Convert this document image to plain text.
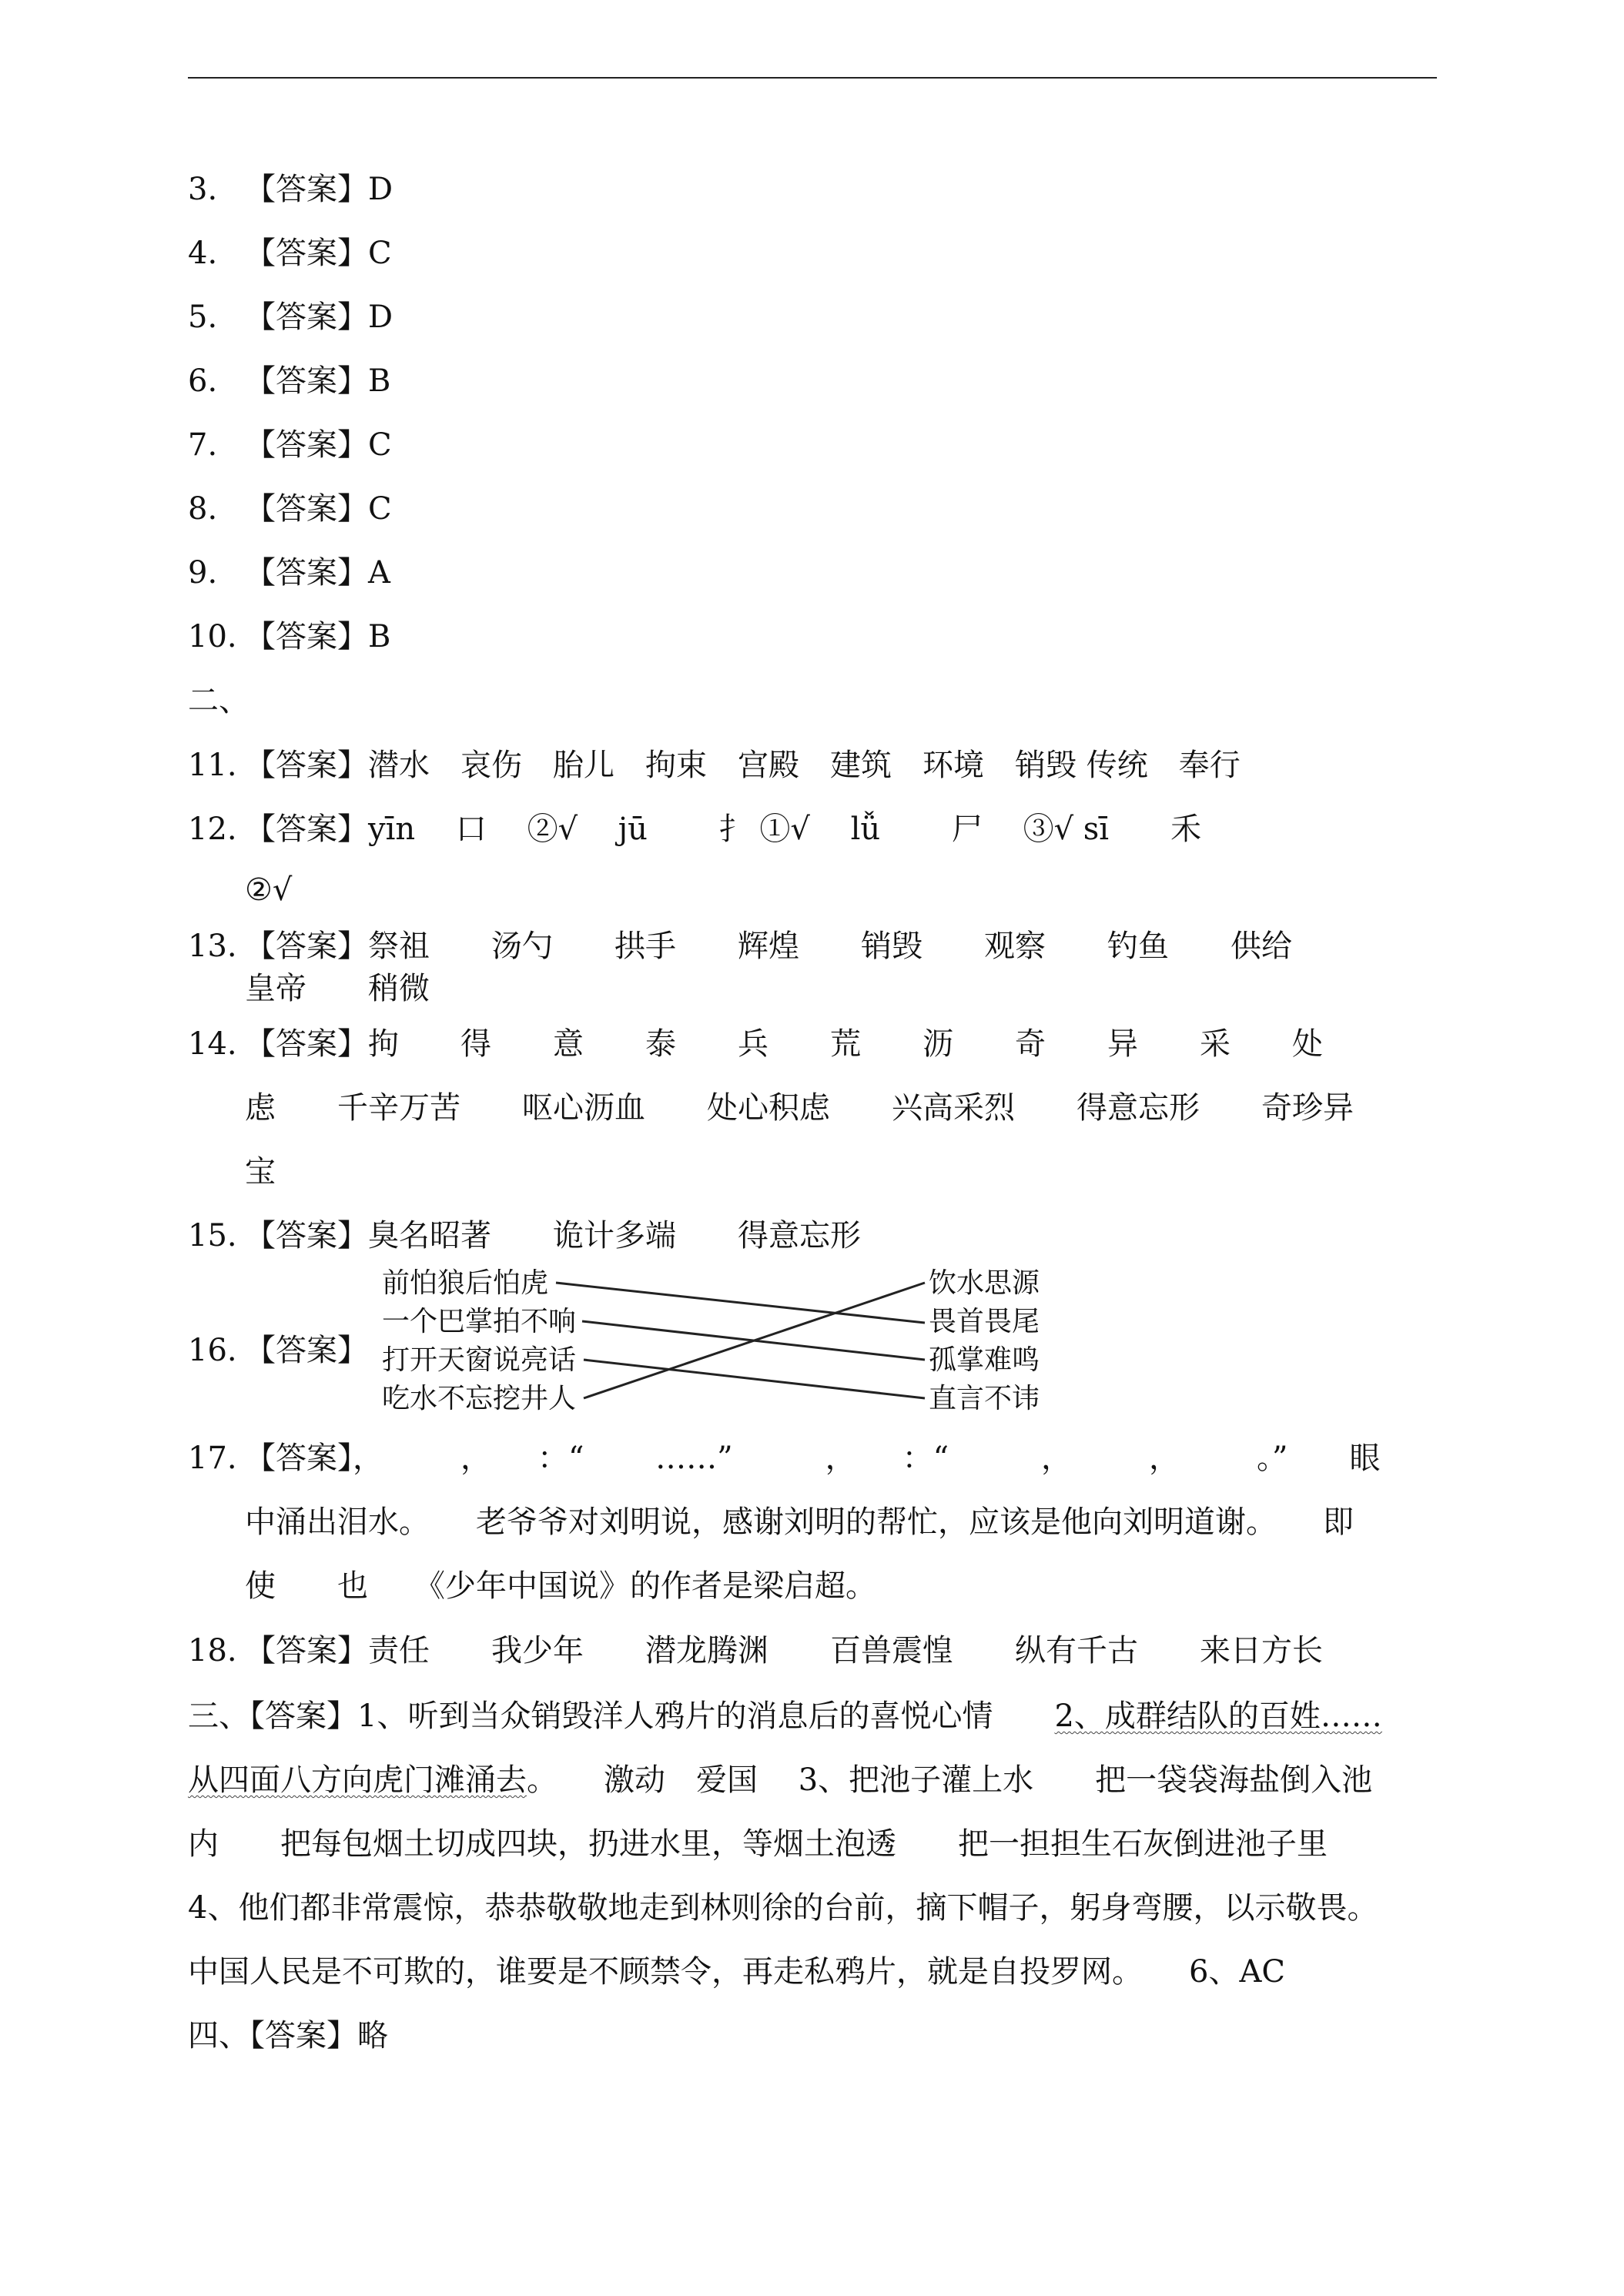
3. 【答案】D
4. 【答案】C
5. 【答案】D
6. 【答案】B
7. 【答案】C
8. 【答案】C
9. 【答案】A
10. 【答案】B
二、
11. 【答案】潜水　哀伤　胎儿　拘束　宫殿　建筑　环境　销毁 传统　奉行
12. 【答案】yīn　 口　 ②√　 jū　　 扌 ①√　 lǚ　　 尸　 ③√ sī　　禾
②√
13. 【答案】祭祖　　汤勺　　拱手　　辉煌　　销毁　　观察　　钓鱼　　供给
皇帝　　稍微
14. 【答案】拘　　得　　意　　泰　　兵　　荒　　沥　　奇　　异　　采　　处
虑　　千辛万苦　　呕心沥血　　处心积虑　　兴高采烈　　得意忘形　　奇珍异
宝
15. 【答案】臭名昭著　　诡计多端　　得意忘形
16. 【答案】
前怕狼后怕虎
一个巴掌拍不响
打开天窗说亮话
吃水不忘挖井人
饮水思源
畏首畏尾
孤掌难鸣
直言不讳
17. 【答案】，　　　，　　：“　　 ……”　　　，　　：“　　　，　　　，　　　。”　　眼
中涌出泪水。　　老爷爷对刘明说，感谢刘明的帮忙，应该是他向刘明道谢。　　即
使　　也　　《少年中国说》的作者是梁启超。
18. 【答案】责任　　我少年　　潜龙腾渊　　百兽震惶　　纵有千古　　来日方长
三、【答案】1、听到当众销毁洋人鸦片的消息后的喜悦心情　　2、成群结队的百姓……
从四面八方向虎门滩涌去。　　激动　爱国　 3、把池子灌上水　　把一袋袋海盐倒入池
内　　把每包烟土切成四块，扔进水里，等烟土泡透　　把一担担生石灰倒进池子里
4、他们都非常震惊，恭恭敬敬地走到林则徐的台前，摘下帽子，躬身弯腰，以示敬畏。
中国人民是不可欺的，谁要是不顾禁令，再走私鸦片，就是自投罗网。　　6、AC
四、【答案】略
